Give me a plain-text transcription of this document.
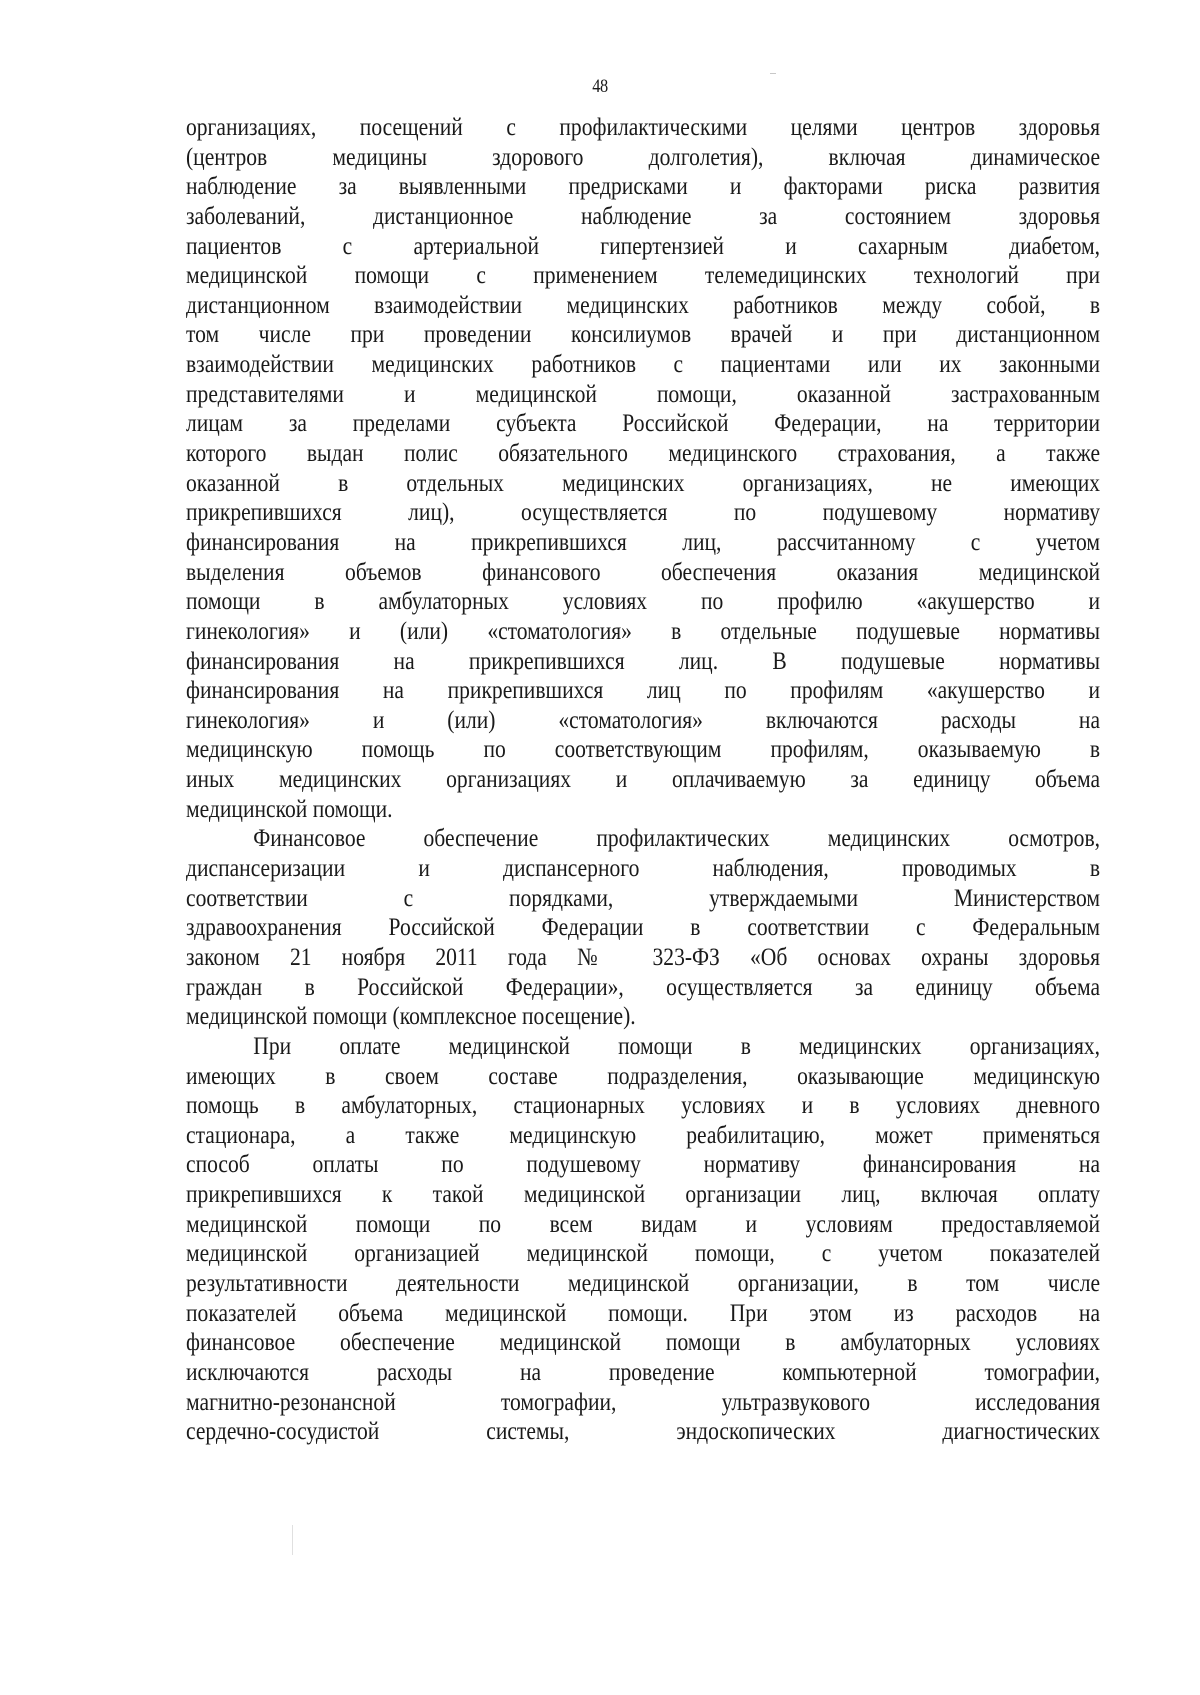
48
организациях, посещений с профилактическими целями центров здоровья
(центров медицины здорового долголетия), включая динамическое
наблюдение за выявленными предрисками и факторами риска развития
заболеваний, дистанционное наблюдение за состоянием здоровья
пациентов с артериальной гипертензией и сахарным диабетом,
медицинской помощи с применением телемедицинских технологий при
дистанционном взаимодействии медицинских работников между собой, в
том числе при проведении консилиумов врачей и при дистанционном
взаимодействии медицинских работников с пациентами или их законными
представителями и медицинской помощи, оказанной застрахованным
лицам за пределами субъекта Российской Федерации, на территории
которого выдан полис обязательного медицинского страхования, а также
оказанной в отдельных медицинских организациях, не имеющих
прикрепившихся лиц), осуществляется по подушевому нормативу
финансирования на прикрепившихся лиц, рассчитанному с учетом
выделения объемов финансового обеспечения оказания медицинской
помощи в амбулаторных условиях по профилю «акушерство и
гинекология» и (или) «стоматология» в отдельные подушевые нормативы
финансирования на прикрепившихся лиц. В подушевые нормативы
финансирования на прикрепившихся лиц по профилям «акушерство и
гинекология» и (или) «стоматология» включаются расходы на
медицинскую помощь по соответствующим профилям, оказываемую в
иных медицинских организациях и оплачиваемую за единицу объема
медицинской помощи.
Финансовое обеспечение профилактических медицинских осмотров,
диспансеризации и диспансерного наблюдения, проводимых в
соответствии с порядками, утверждаемыми Министерством
здравоохранения Российской Федерации в соответствии с Федеральным
законом 21 ноября 2011 года № 323-ФЗ «Об основах охраны здоровья
граждан в Российской Федерации», осуществляется за единицу объема
медицинской помощи (комплексное посещение).
При оплате медицинской помощи в медицинских организациях,
имеющих в своем составе подразделения, оказывающие медицинскую
помощь в амбулаторных, стационарных условиях и в условиях дневного
стационара, а также медицинскую реабилитацию, может применяться
способ оплаты по подушевому нормативу финансирования на
прикрепившихся к такой медицинской организации лиц, включая оплату
медицинской помощи по всем видам и условиям предоставляемой
медицинской организацией медицинской помощи, с учетом показателей
результативности деятельности медицинской организации, в том числе
показателей объема медицинской помощи. При этом из расходов на
финансовое обеспечение медицинской помощи в амбулаторных условиях
исключаются расходы на проведение компьютерной томографии,
магнитно-резонансной томографии, ультразвукового исследования
сердечно-сосудистой системы, эндоскопических диагностических
